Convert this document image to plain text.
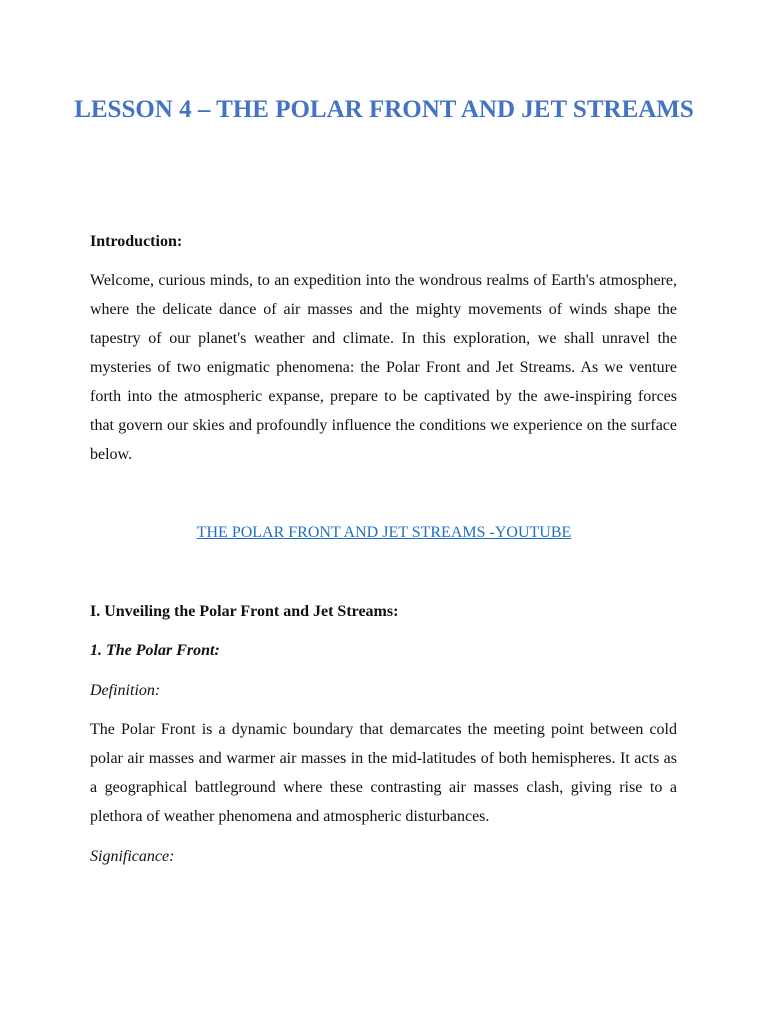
LESSON 4 – THE POLAR FRONT AND JET STREAMS

Introduction:

Welcome, curious minds, to an expedition into the wondrous realms of Earth's atmosphere, where the delicate dance of air masses and the mighty movements of winds shape the tapestry of our planet's weather and climate. In this exploration, we shall unravel the mysteries of two enigmatic phenomena: the Polar Front and Jet Streams. As we venture forth into the atmospheric expanse, prepare to be captivated by the awe-inspiring forces that govern our skies and profoundly influence the conditions we experience on the surface below.

THE POLAR FRONT AND JET STREAMS -YOUTUBE

I. Unveiling the Polar Front and Jet Streams:

1. The Polar Front:

Definition:

The Polar Front is a dynamic boundary that demarcates the meeting point between cold polar air masses and warmer air masses in the mid-latitudes of both hemispheres. It acts as a geographical battleground where these contrasting air masses clash, giving rise to a plethora of weather phenomena and atmospheric disturbances.

Significance:
